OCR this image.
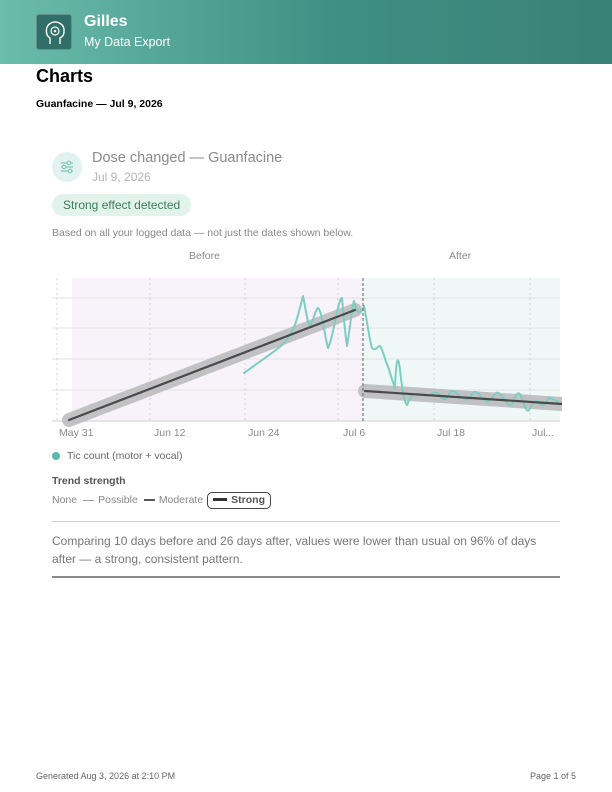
Gilles
My Data Export
Charts
Guanfacine — Jul 9, 2026
Dose changed — Guanfacine
Jul 9, 2026
Strong effect detected
Based on all your logged data — not just the dates shown below.
Before	After
May 31	Jun 12	Jun 24	Jul 6	Jul 18	Jul...
Tic count (motor + vocal)
Trend strength
None Possible Moderate	Strong
Comparing 10 days before and 26 days after, values were lower than usual on 96% of days after — a strong, consistent pattern.
Generated Aug 3, 2026 at 2:10 PM	Page 1 of 5
